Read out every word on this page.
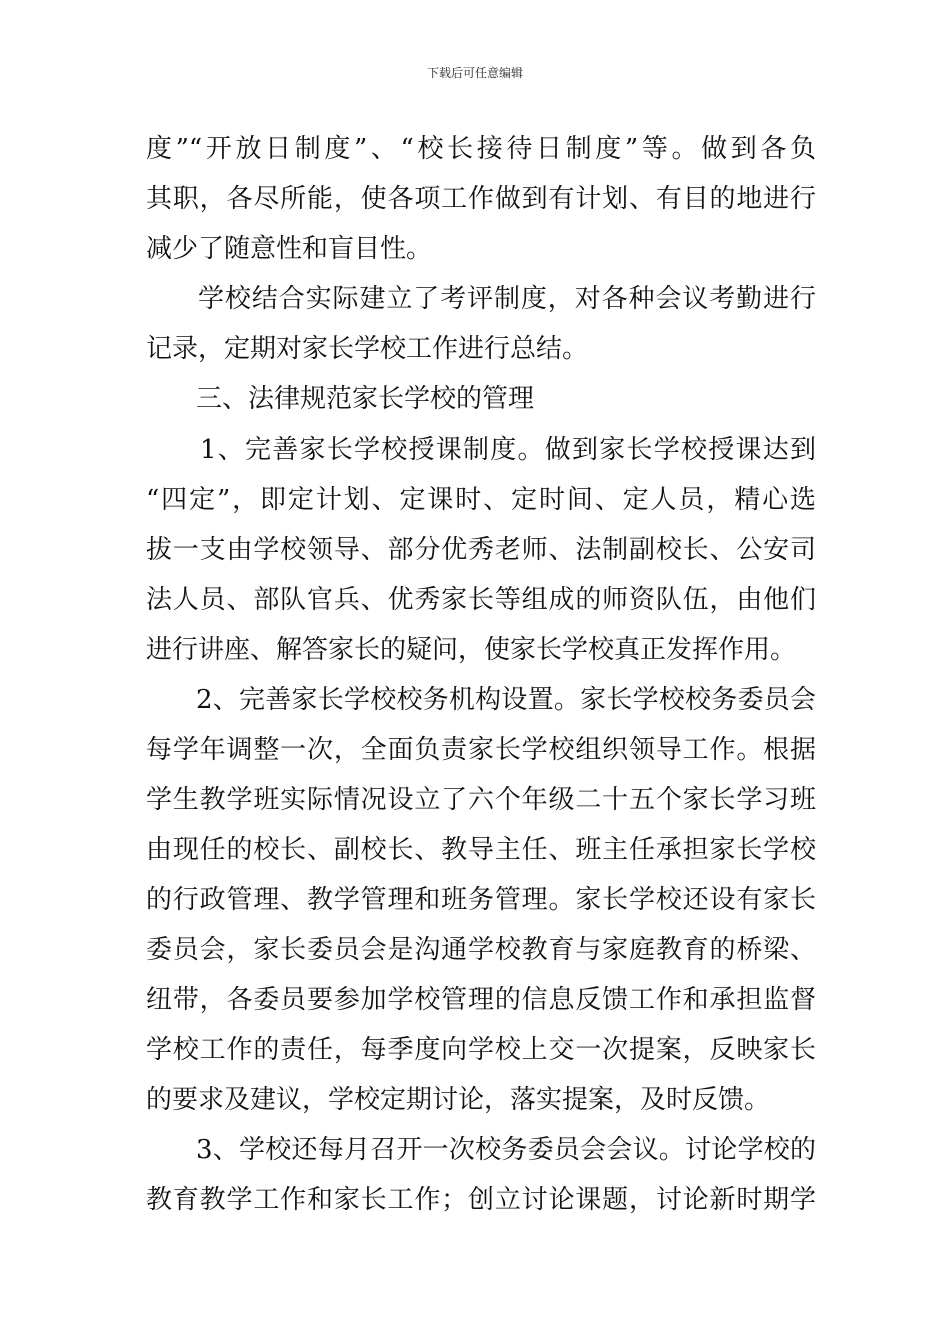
下载后可任意编辑
度”“开放日制度”、“校长接待日制度”等。做到各负
其职，各尽所能，使各项工作做到有计划、有目的地进行
减少了随意性和盲目性。
学校结合实际建立了考评制度，对各种会议考勤进行
记录，定期对家长学校工作进行总结。
三、法律规范家长学校的管理
1、完善家长学校授课制度。做到家长学校授课达到
“四定”，即定计划、定课时、定时间、定人员，精心选
拔一支由学校领导、部分优秀老师、法制副校长、公安司
法人员、部队官兵、优秀家长等组成的师资队伍，由他们
进行讲座、解答家长的疑问，使家长学校真正发挥作用。
2、完善家长学校校务机构设置。家长学校校务委员会
每学年调整一次，全面负责家长学校组织领导工作。根据
学生教学班实际情况设立了六个年级二十五个家长学习班
由现任的校长、副校长、教导主任、班主任承担家长学校
的行政管理、教学管理和班务管理。家长学校还设有家长
委员会，家长委员会是沟通学校教育与家庭教育的桥梁、
纽带，各委员要参加学校管理的信息反馈工作和承担监督
学校工作的责任，每季度向学校上交一次提案，反映家长
的要求及建议，学校定期讨论，落实提案，及时反馈。
3、学校还每月召开一次校务委员会会议。讨论学校的
教育教学工作和家长工作；创立讨论课题，讨论新时期学
